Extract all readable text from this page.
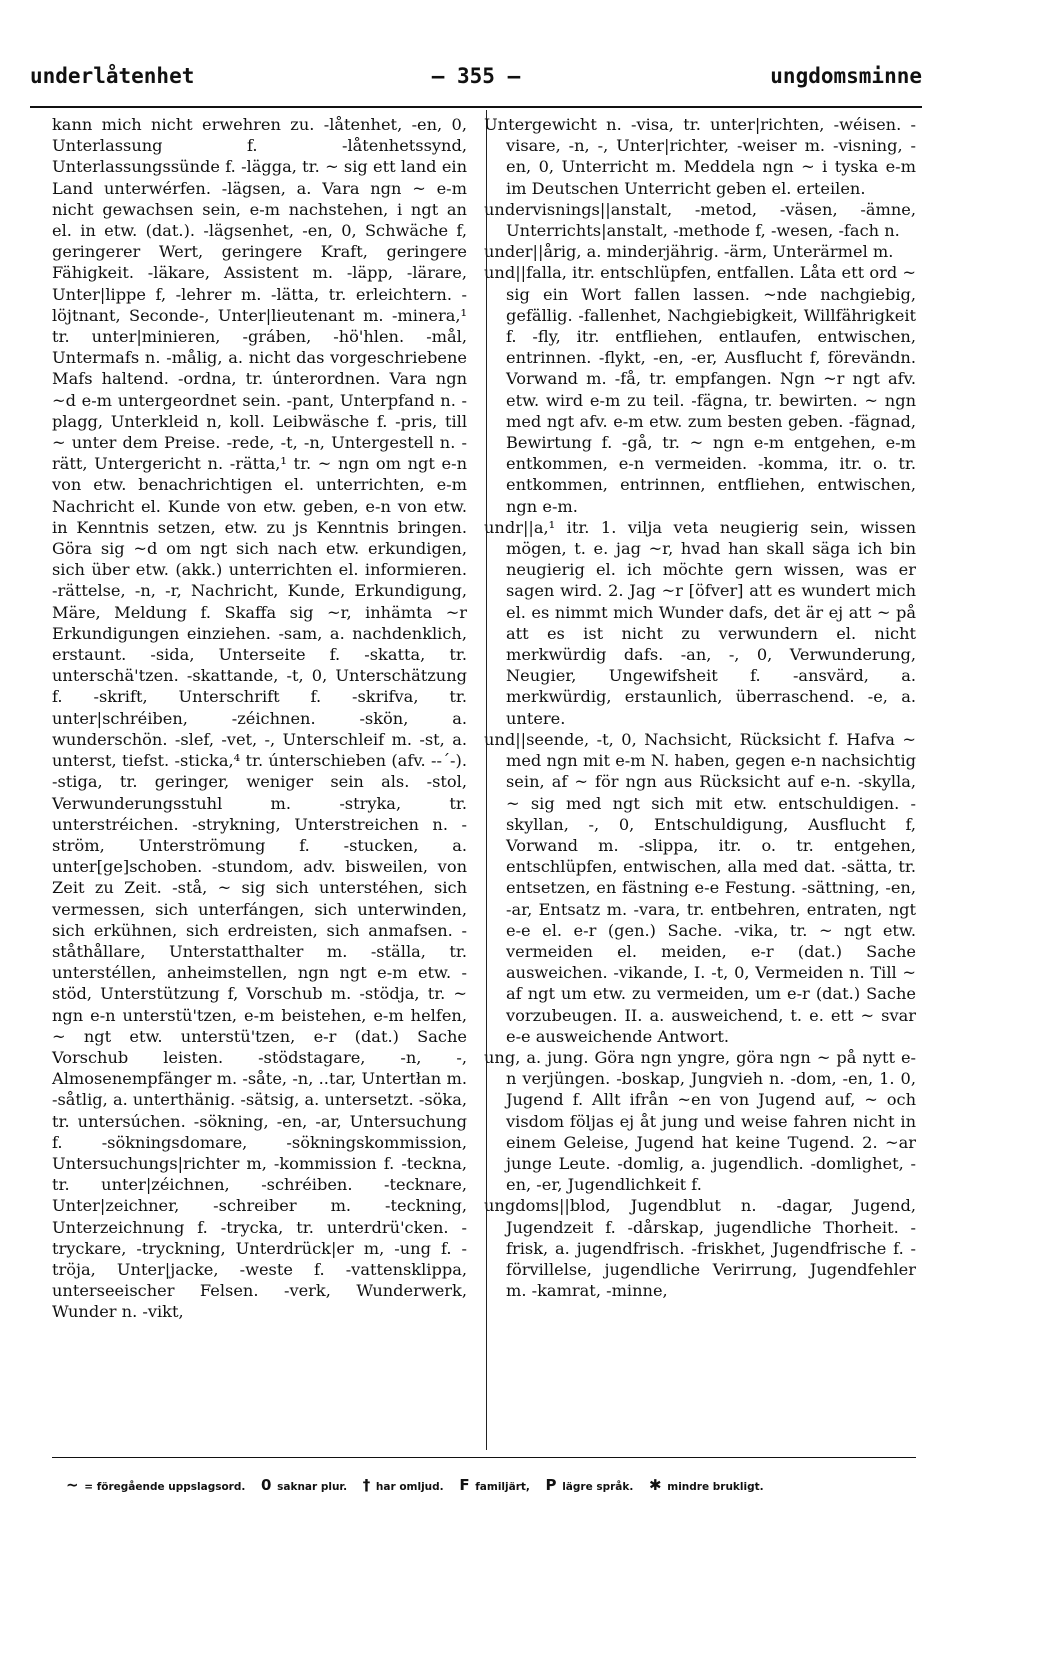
underlåtenhet	— 355 —	ungdomsminne

kann mich nicht erwehren zu. -låtenhet, -en, 0, Unterlassung f. -låtenhetssynd, Unterlassungssünde f. -lägga, tr. ~ sig ett land ein Land unterwérfen. -lägsen, a. Vara ngn ~ e-m nicht gewachsen sein, e-m nachstehen, i ngt an el. in etw. (dat.). -lägsenhet, -en, 0, Schwäche f, geringerer Wert, geringere Kraft, geringere Fähigkeit. -läkare, Assistent m. -läpp, -lärare, Unter|lippe f, -lehrer m. -lätta, tr. erleichtern. -löjtnant, Seconde-, Unter|lieutenant m. -minera,¹ tr. unter|minieren, -gráben, -hö'hlen. -mål, Untermafs n. -målig, a. nicht das vorgeschriebene Mafs haltend. -ordna, tr. únterordnen. Vara ngn ~d e-m untergeordnet sein. -pant, Unterpfand n. -plagg, Unterkleid n, koll. Leibwäsche f. -pris, till ~ unter dem Preise. -rede, -t, -n, Untergestell n. -rätt, Untergericht n. -rätta,¹ tr. ~ ngn om ngt e-n von etw. benachrichtigen el. unterrichten, e-m Nachricht el. Kunde von etw. geben, e-n von etw. in Kenntnis setzen, etw. zu js Kenntnis bringen. Göra sig ~d om ngt sich nach etw. erkundigen, sich über etw. (akk.) unterrichten el. informieren. -rättelse, -n, -r, Nachricht, Kunde, Erkundigung, Märe, Meldung f. Skaffa sig ~r, inhämta ~r Erkundigungen einziehen. -sam, a. nachdenklich, erstaunt. -sida, Unterseite f. -skatta, tr. unterschä'tzen. -skattande, -t, 0, Unterschätzung f. -skrift, Unterschrift f. -skrifva, tr. unter|schréiben, -zéichnen. -skön, a. wunderschön. -slef, -vet, -, Unterschleif m. -st, a. unterst, tiefst. -sticka,⁴ tr. únterschieben (afv. --´-). -stiga, tr. geringer, weniger sein als. -stol, Verwunderungsstuhl m. -stryka, tr. unterstréichen. -strykning, Unterstreichen n. -ström, Unterströmung f. -stucken, a. unter[ge]schoben. -stundom, adv. bisweilen, von Zeit zu Zeit. -stå, ~ sig sich unterstéhen, sich vermessen, sich unterfángen, sich unterwinden, sich erkühnen, sich erdreisten, sich anmafsen. -ståthållare, Unterstatthalter m. -ställa, tr. unterstéllen, anheimstellen, ngn ngt e-m etw. -stöd, Unterstützung f, Vorschub m. -stödja, tr. ~ ngn e-n unterstü'tzen, e-m beistehen, e-m helfen, ~ ngt etw. unterstü'tzen, e-r (dat.) Sache Vorschub leisten. -stödstagare, -n, -, Almosenempfänger m. -såte, -n, ..tar, Untertłan m. -såtlig, a. unterthänig. -sätsig, a. untersetzt. -söka, tr. untersúchen. -sökning, -en, -ar, Untersuchung f. -sökningsdomare, -sökningskommission, Untersuchungs|richter m, -kommission f. -teckna, tr. unter|zéichnen, -schréiben. -tecknare, Unter|zeichner, -schreiber m. -teckning, Unterzeichnung f. -trycka, tr. unterdrü'cken. -tryckare, -tryckning, Unterdrück|er m, -ung f. -tröja, Unter|jacke, -weste f. -vattensklippa, unterseeischer Felsen. -verk, Wunderwerk, Wunder n. -vikt,

Untergewicht n. -visa, tr. unter|richten, -wéisen. -visare, -n, -, Unter|richter, -weiser m. -visning, -en, 0, Unterricht m. Meddela ngn ~ i tyska e-m im Deutschen Unterricht geben el. erteilen.

undervisnings||anstalt, -metod, -väsen, -ämne, Unterrichts|anstalt, -methode f, -wesen, -fach n.

under||årig, a. minderjährig. -ärm, Unterärmel m.

und||falla, itr. entschlüpfen, entfallen. Låta ett ord ~ sig ein Wort fallen lassen. ~nde nachgiebig, gefällig. -fallenhet, Nachgiebigkeit, Willfährigkeit f. -fly, itr. entfliehen, entlaufen, entwischen, entrinnen. -flykt, -en, -er, Ausflucht f, förevändn. Vorwand m. -få, tr. empfangen. Ngn ~r ngt afv. etw. wird e-m zu teil. -fägna, tr. bewirten. ~ ngn med ngt afv. e-m etw. zum besten geben. -fägnad, Bewirtung f. -gå, tr. ~ ngn e-m entgehen, e-m entkommen, e-n vermeiden. -komma, itr. o. tr. entkommen, entrinnen, entfliehen, entwischen, ngn e-m.

undr||a,¹ itr. 1. vilja veta neugierig sein, wissen mögen, t. e. jag ~r, hvad han skall säga ich bin neugierig el. ich möchte gern wissen, was er sagen wird. 2. Jag ~r [öfver] att es wundert mich el. es nimmt mich Wunder dafs, det är ej att ~ på att es ist nicht zu verwundern el. nicht merkwürdig dafs. -an, -, 0, Verwunderung, Neugier, Ungewifsheit f. -ansvärd, a. merkwürdig, erstaunlich, überraschend. -e, a. untere.

und||seende, -t, 0, Nachsicht, Rücksicht f. Hafva ~ med ngn mit e-m N. haben, gegen e-n nachsichtig sein, af ~ för ngn aus Rücksicht auf e-n. -skylla, ~ sig med ngt sich mit etw. entschuldigen. -skyllan, -, 0, Entschuldigung, Ausflucht f, Vorwand m. -slippa, itr. o. tr. entgehen, entschlüpfen, entwischen, alla med dat. -sätta, tr. entsetzen, en fästning e-e Festung. -sättning, -en, -ar, Entsatz m. -vara, tr. entbehren, entraten, ngt e-e el. e-r (gen.) Sache. -vika, tr. ~ ngt etw. vermeiden el. meiden, e-r (dat.) Sache ausweichen. -vikande, I. -t, 0, Vermeiden n. Till ~ af ngt um etw. zu vermeiden, um e-r (dat.) Sache vorzubeugen. II. a. ausweichend, t. e. ett ~ svar e-e ausweichende Antwort.

ung, a. jung. Göra ngn yngre, göra ngn ~ på nytt e-n verjüngen. -boskap, Jungvieh n. -dom, -en, 1. 0, Jugend f. Allt ifrån ~en von Jugend auf, ~ och visdom följas ej åt jung und weise fahren nicht in einem Geleise, Jugend hat keine Tugend. 2. ~ar junge Leute. -domlig, a. jugendlich. -domlighet, -en, -er, Jugendlichkeit f.

ungdoms||blod, Jugendblut n. -dagar, Jugend, Jugendzeit f. -dårskap, jugendliche Thorheit. -frisk, a. jugendfrisch. -friskhet, Jugendfrische f. -förvillelse, jugendliche Verirrung, Jugendfehler m. -kamrat, -minne,

~ = föregående uppslagsord. 0 saknar plur. † har omljud. F familjärt, P lägre språk. ✱ mindre brukligt.
